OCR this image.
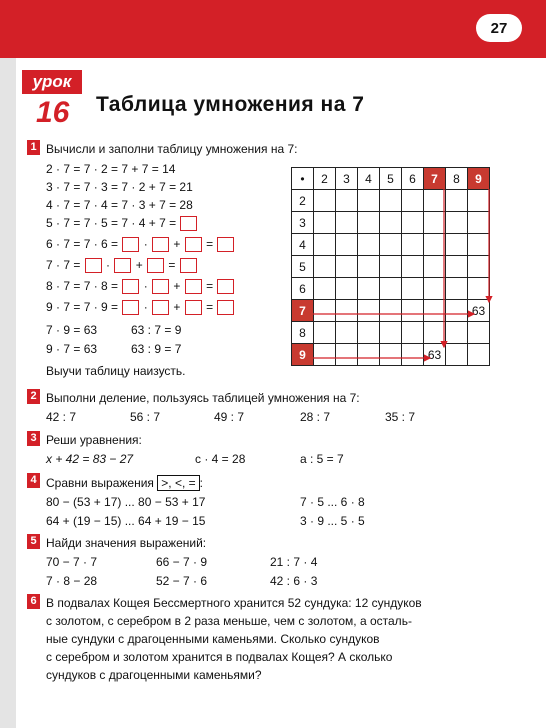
27
урок
16 Таблица умножения на 7
1 Вычисли и заполни таблицу умножения на 7:
2 · 7 = 7 · 2 = 7 + 7 = 14
3 · 7 = 7 · 3 = 7 · 2 + 7 = 21
4 · 7 = 7 · 4 = 7 · 3 + 7 = 28
5 · 7 = 7 · 5 = 7 · 4 + 7 =
6 · 7 = 7 · 6 =  ·  +  =
7 · 7 =  ·  +  =
8 · 7 = 7 · 8 =  ·  +  =
9 · 7 = 7 · 9 =  ·  +  =
7 · 9 = 63	63 : 7 = 9
9 · 7 = 63	63 : 9 = 7
Выучи таблицу наизусть.
•	2	3	4	5	6	7	8	9
2								
3								
4								
5								
6								
7								63
8								
9						63		
2 Выполни деление, пользуясь таблицей умножения на 7:
42 : 7	56 : 7	49 : 7	28 : 7	35 : 7
3 Реши уравнения:
x + 42 = 83 − 27	c · 4 = 28	a : 5 = 7
4 Сравни выражения >, <, = :
80 − (53 + 17) ... 80 − 53 + 17	7 · 5 ... 6 · 8
64 + (19 − 15) ... 64 + 19 − 15	3 · 9 ... 5 · 5
5 Найди значения выражений:
70 − 7 · 7	66 − 7 · 9	21 : 7 · 4
7 · 8 − 28	52 − 7 · 6	42 : 6 · 3
6 В подвалах Кощея Бессмертного хранится 52 сундука: 12 сундуков
с золотом, с серебром в 2 раза меньше, чем с золотом, а осталь-
ные сундуки с драгоценными каменьями. Сколько сундуков
с серебром и золотом хранится в подвалах Кощея? А сколько
сундуков с драгоценными каменьями?
